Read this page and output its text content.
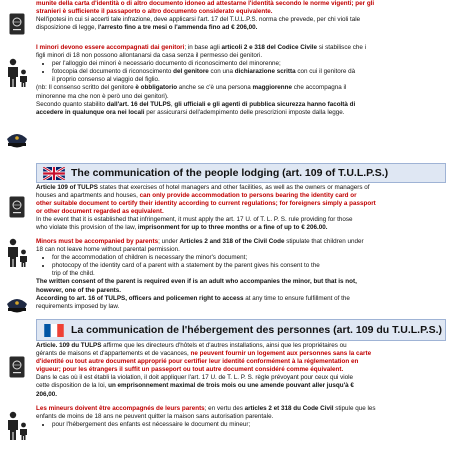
munite della carta d'identità o di altro documento idoneo ad attestarne l'identità secondo le norme vigenti; per gli

stranieri è sufficiente il passaporto o altro documento considerato equivalente.

Nell'ipotesi in cui si accerti tale infrazione, deve applicarsi l'art. 17 del T.U.L.P.S. norma che prevede, per chi violi tale

disposizione di legge, l'arresto fino a tre mesi o l'ammenda fino ad € 206,00.

I minori devono essere accompagnati dai genitori; in base agli articoli 2 e 318 del Codice Civile si stabilisce che i

figli minori di 18 non possono allontanarsi da casa senza il permesso dei genitori.

• per l'alloggio dei minori è necessario documento di riconoscimento del minorenne;
• fotocopia del documento di riconoscimento del genitore con una dichiarazione scritta con cui il genitore dà
il proprio consenso al viaggio del figlio.

(nb: Il consenso scritto del genitore è obbligatorio anche se c'è una persona maggiorenne che accompagna il

minorenne ma che non è però uno dei genitori).

Secondo quanto stabilito dall'art. 16 del TULPS, gli ufficiali e gli agenti di pubblica sicurezza hanno facoltà di

accedere in qualunque ora nei locali per assicurarsi dell'adempimento delle prescrizioni imposte dalla legge.

The communication of the people lodging (art. 109 of T.U.L.P.S.)

Article 109 of TULPS states that exercises of hotel managers and other facilities, as well as the owners or managers of

houses and apartments and houses, can only provide accommodation to persons bearing the identity card or

other suitable document to certify their identity according to current regulations; for foreigners simply a passport

or other document regarded as equivalent.

In the event that it is established that infringement, it must apply the art. 17 U. of T. L. P. S. rule providing for those

who violate this provision of the law, imprisonment for up to three months or a fine of up to € 206.00.

Minors must be accompanied by parents; under Articles 2 and 318 of the Civil Code stipulate that children under

18 can not leave home without parental permission.

• for the accommodation of children is necessary the minor's document;
• photocopy of the identity card of a parent with a statement by the parent gives his consent to the
trip of the child.

The written consent of the parent is required even if is an adult who accompanies the minor, but that is not,

however, one of the parents.

According to art. 16 of TULPS, officers and policemen right to access at any time to ensure fulfillment of the

requirements imposed by law.

La communication de l'hébergement des personnes (art. 109 du T.U.L.P.S.)

Article. 109 du TULPS affirme que les directeurs d'hôtels et d'autres installations, ainsi que les propriétaires ou

gérants de maisons et d'appartements et de vacances, ne peuvent fournir un logement aux personnes sans la carte

d'identité ou tout autre document approprié pour certifier leur identité conformément à la réglementation en

vigueur; pour les étrangers il suffit un passeport ou tout autre document considéré comme équivalent.

Dans le cas où il est établi la violation, il doit appliquer l'art. 17 U. de T. L. P. S. règle prévoyant pour ceux qui viole

cette disposition de la loi, un emprisonnement maximal de trois mois ou une amende pouvant aller jusqu'à €

206,00.

Les mineurs doivent être accompagnés de leurs parents; en vertu des articles 2 et 318 du Code Civil stipule que les

enfants de moins de 18 ans ne peuvent quitter la maison sans autorisation parentale.

• pour l'hébergement des enfants est nécessaire le document du mineur;
